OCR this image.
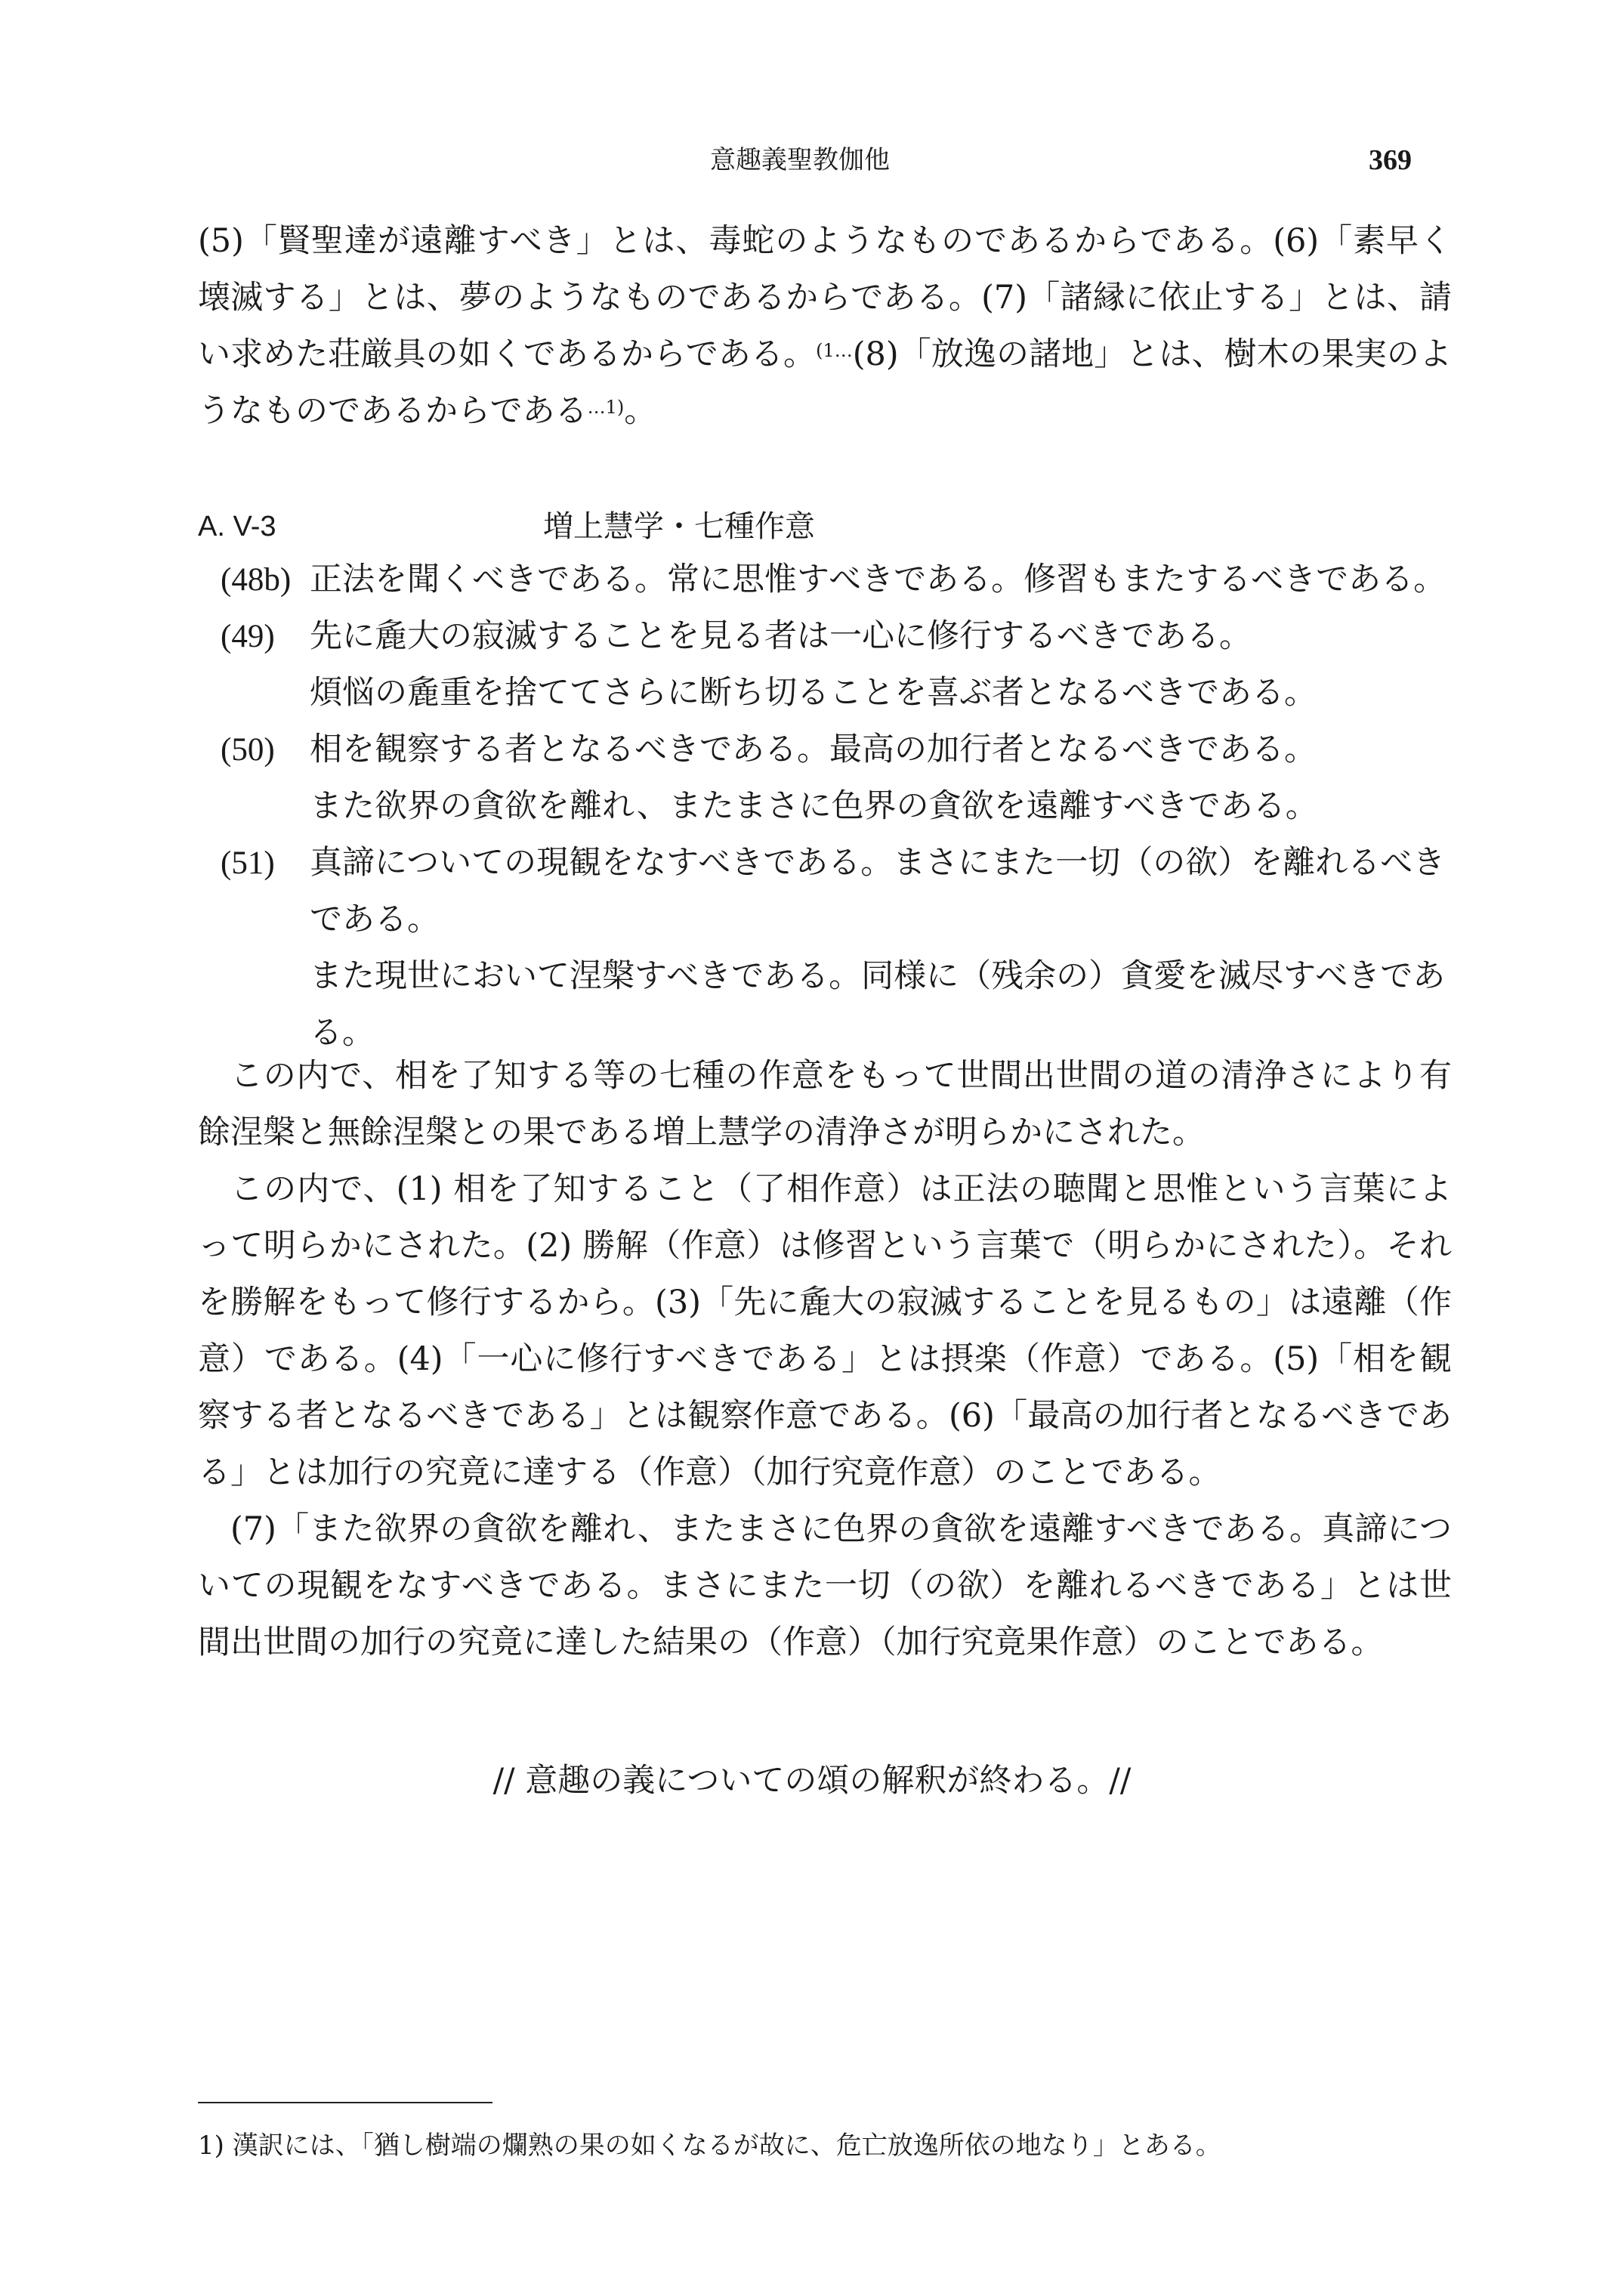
意趣義聖教伽他	369
(5)「賢聖達が遠離すべき」とは、毒蛇のようなものであるからである。(6)「素早く壊滅する」とは、夢のようなものであるからである。(7)「諸縁に依止する」とは、請い求めた荘厳具の如くであるからである。$^{(1\dots}$(8)「放逸の諸地」とは、樹木の果実のようなものであるからである$^{\dots 1)}$。
A. V-3	増上慧学・七種作意
(48b) 正法を聞くべきである。常に思惟すべきである。修習もまたするべきである。
(49)	先に麁大の寂滅することを見る者は一心に修行するべきである。
煩悩の麁重を捨ててさらに断ち切ることを喜ぶ者となるべきである。
(50)	相を観察する者となるべきである。最高の加行者となるべきである。
また欲界の貪欲を離れ、またまさに色界の貪欲を遠離すべきである。
(51)	真諦についての現観をなすべきである。まさにまた一切（の欲）を離れるべきである。
また現世において涅槃すべきである。同様に（残余の）貪愛を滅尽すべきである。

この内で、相を了知する等の七種の作意をもって世間出世間の道の清浄さにより有餘涅槃と無餘涅槃との果である増上慧学の清浄さが明らかにされた。

この内で、(1) 相を了知すること（了相作意）は正法の聴聞と思惟という言葉によって明らかにされた。(2) 勝解（作意）は修習という言葉で（明らかにされた）。それを勝解をもって修行するから。(3)「先に麁大の寂滅することを見るもの」は遠離（作意）である。(4)「一心に修行すべきである」とは摂楽（作意）である。(5)「相を観察する者となるべきである」とは観察作意である。(6)「最高の加行者となるべきである」とは加行の究竟に達する（作意）（加行究竟作意）のことである。

(7)「また欲界の貪欲を離れ、またまさに色界の貪欲を遠離すべきである。真諦についての現観をなすべきである。まさにまた一切（の欲）を離れるべきである」とは世間出世間の加行の究竟に達した結果の（作意）（加行究竟果作意）のことである。

// 意趣の義についての頌の解釈が終わる。//
1) 漢訳には、「猶し樹端の爛熟の果の如くなるが故に、危亡放逸所依の地なり」とある。
